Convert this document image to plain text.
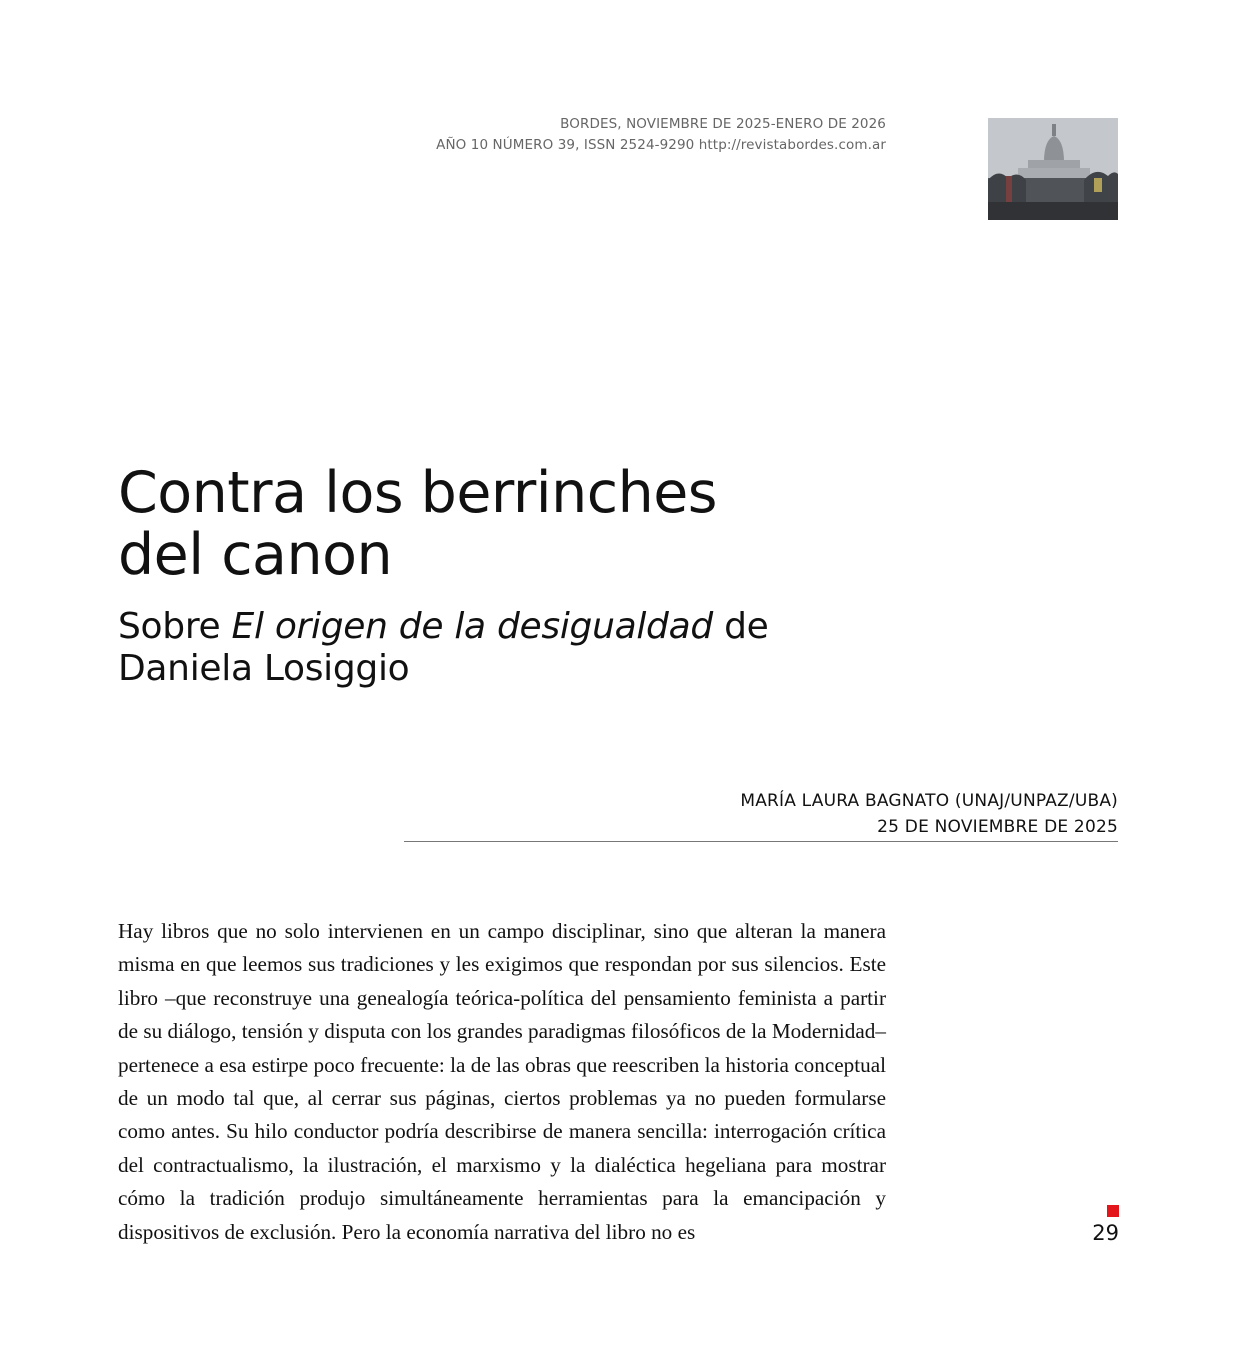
BORDES, NOVIEMBRE DE 2025-ENERO DE 2026
AÑO 10 NÚMERO 39, ISSN 2524-9290 http://revistabordes.com.ar
Contra los berrinches
del canon
Sobre El origen de la desigualdad de
Daniela Losiggio
MARÍA LAURA BAGNATO (UNAJ/UNPAZ/UBA)
25 DE NOVIEMBRE DE 2025

Hay libros que no solo intervienen en un campo disciplinar, sino que alteran la manera misma en que leemos sus tradiciones y les exigimos que respondan por sus silencios. Este libro –que reconstruye una genealogía teórica-política del pensamiento feminista a partir de su diálogo, tensión y disputa con los grandes paradigmas filosóficos de la Modernidad– pertenece a esa estirpe poco frecuente: la de las obras que reescriben la historia conceptual de un modo tal que, al cerrar sus páginas, ciertos problemas ya no pueden formularse como antes. Su hilo conductor podría describirse de manera sencilla: interrogación crítica del contractualismo, la ilustración, el marxismo y la dialéctica hegeliana para mostrar cómo la tradición produjo simultáneamente herramientas para la emancipación y dispositivos de exclusión. Pero la economía narrativa del libro no es	29
